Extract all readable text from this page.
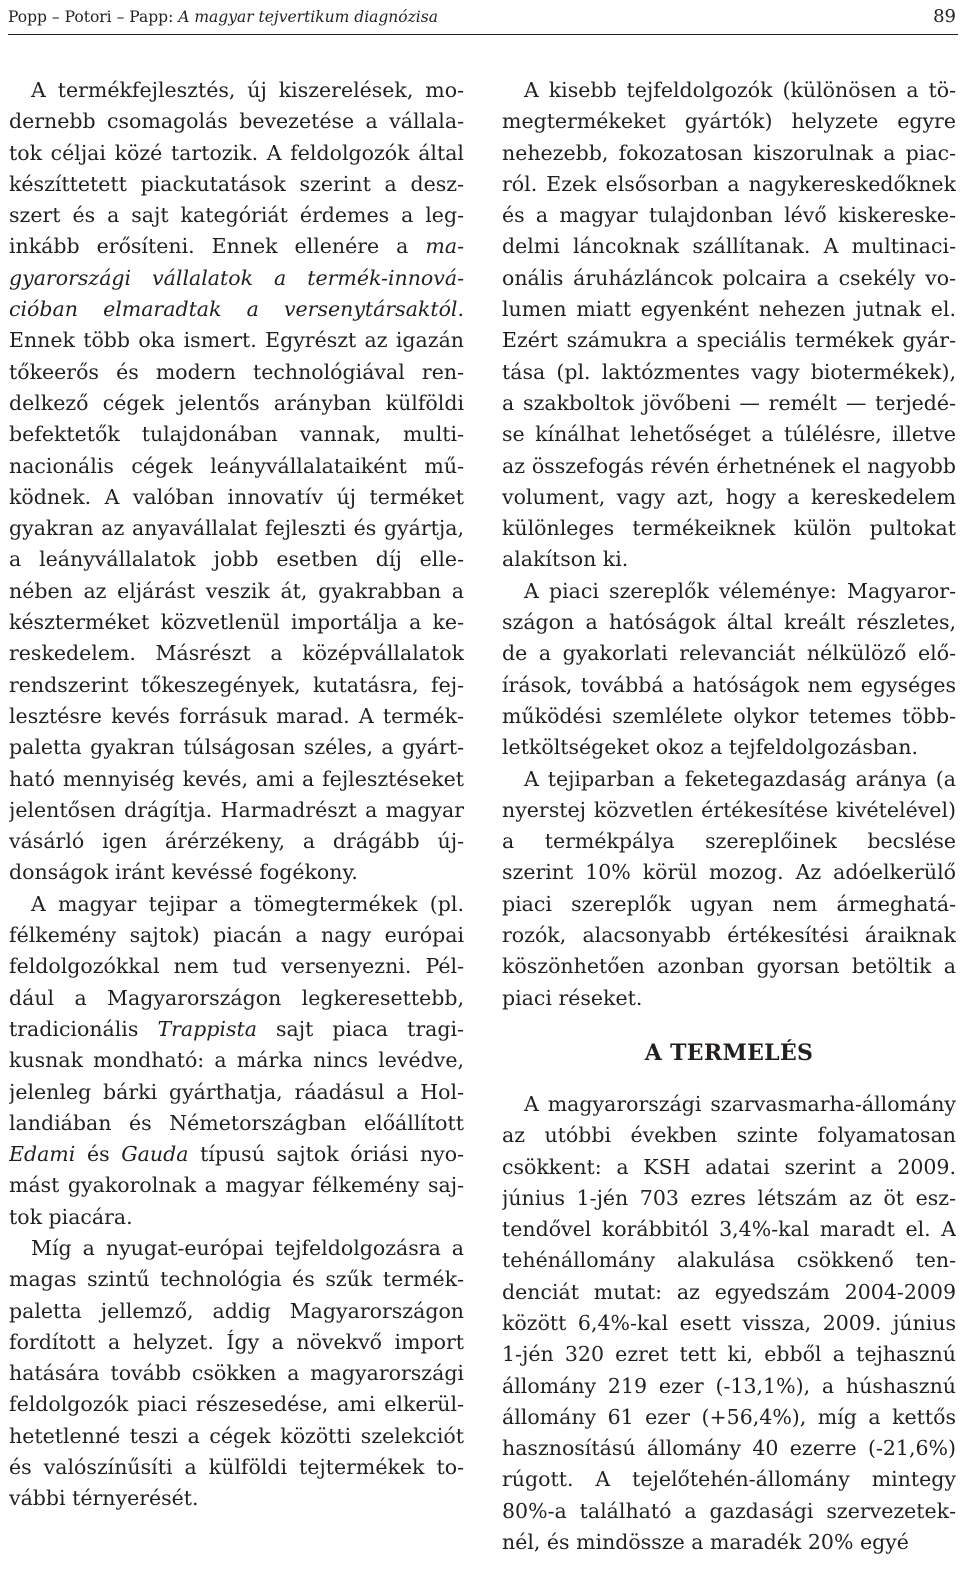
Popp – Potori – Papp: A magyar tejvertikum diagnózisa	89

A termékfejlesztés, új kiszerelések, modernebb csomagolás bevezetése a vállalatok céljai közé tartozik. A feldolgozók által készíttetett piackutatások szerint a deszszert és a sajt kategóriát érdemes a leginkább erősíteni. Ennek ellenére a magyarországi vállalatok a termék-innovációban elmaradtak a versenytársaktól. Ennek több oka ismert. Egyrészt az igazán tőkeerős és modern technológiával rendelkező cégek jelentős arányban külföldi befektetők tulajdonában vannak, multinacionális cégek leányvállalataiként működnek. A valóban innovatív új terméket gyakran az anyavállalat fejleszti és gyártja, a leányvállalatok jobb esetben díj ellenében az eljárást veszik át, gyakrabban a készterméket közvetlenül importálja a kereskedelem. Másrészt a középvállalatok rendszerint tőkeszegények, kutatásra, fejlesztésre kevés forrásuk marad. A termékpaletta gyakran túlságosan széles, a gyártható mennyiség kevés, ami a fejlesztéseket jelentősen drágítja. Harmadrészt a magyar vásárló igen árérzékeny, a drágább újdonságok iránt kevéssé fogékony.

A magyar tejipar a tömegtermékek (pl. félkemény sajtok) piacán a nagy európai feldolgozókkal nem tud versenyezni. Például a Magyarországon legkeresettebb, tradicionális Trappista sajt piaca tragikusnak mondható: a márka nincs levédve, jelenleg bárki gyárthatja, ráadásul a Hollandiában és Németországban előállított Edami és Gauda típusú sajtok óriási nyomást gyakorolnak a magyar félkemény sajtok piacára.

Míg a nyugat-európai tejfeldolgozásra a magas szintű technológia és szűk termékpaletta jellemző, addig Magyarországon fordított a helyzet. Így a növekvő import hatására tovább csökken a magyarországi feldolgozók piaci részesedése, ami elkerülhetetlenné teszi a cégek közötti szelekciót és valószínűsíti a külföldi tejtermékek további térnyerését.

A kisebb tejfeldolgozók (különösen a tömegtermékeket gyártók) helyzete egyre nehezebb, fokozatosan kiszorulnak a piacról. Ezek elsősorban a nagykereskedőknek és a magyar tulajdonban lévő kiskereskedelmi láncoknak szállítanak. A multinacionális áruházláncok polcaira a csekély volumen miatt egyenként nehezen jutnak el. Ezért számukra a speciális termékek gyártása (pl. laktózmentes vagy biotermékek), a szakboltok jövőbeni — remélt — terjedése kínálhat lehetőséget a túlélésre, illetve az összefogás révén érhetnének el nagyobb volument, vagy azt, hogy a kereskedelem különleges termékeiknek külön pultokat alakítson ki.

A piaci szereplők véleménye: Magyarországon a hatóságok által kreált részletes, de a gyakorlati relevanciát nélkülöző előírások, továbbá a hatóságok nem egységes működési szemlélete olykor tetemes többletköltségeket okoz a tejfeldolgozásban.

A tejiparban a feketegazdaság aránya (a nyerstej közvetlen értékesítése kivételével) a termékpálya szereplőinek becslése szerint 10% körül mozog. Az adóelkerülő piaci szereplők ugyan nem ármeghatározók, alacsonyabb értékesítési áraiknak köszönhetően azonban gyorsan betöltik a piaci réseket.

A TERMELÉS

A magyarországi szarvasmarha-állomány az utóbbi években szinte folyamatosan csökkent: a KSH adatai szerint a 2009. június 1-jén 703 ezres létszám az öt esztendővel korábbitól 3,4%-kal maradt el. A tehénállomány alakulása csökkenő tendenciát mutat: az egyedszám 2004-2009 között 6,4%-kal esett vissza, 2009. június 1-jén 320 ezret tett ki, ebből a tejhasznú állomány 219 ezer (-13,1%), a húshasznú állomány 61 ezer (+56,4%), míg a kettős hasznosítású állomány 40 ezerre (-21,6%) rúgott. A tejelőtehén-állomány mintegy 80%-a található a gazdasági szervezeteknél, és mindössze a maradék 20% egyé
